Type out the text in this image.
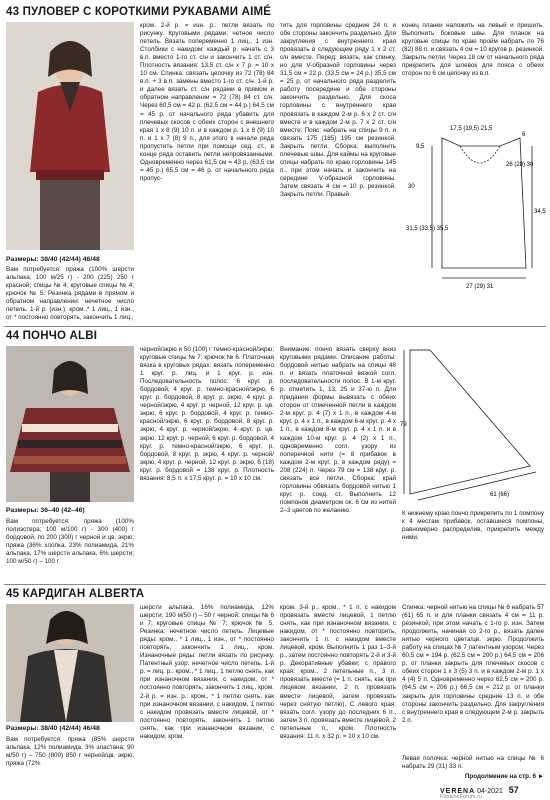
43 ПУЛОВЕР С КОРОТКИМИ РУКАВАМИ AIMÉ
Размеры: 38/40 (42/44) 46/48
Вам потребуется: пряжа (100% шерсти альпака; 100 м/25 г) - 200 (225) 250 г красной; спицы № 4; круговые спицы № 4; крючок № 5. Резинка рядами в прямом и обратном направлении: нечетное число петель. 1-й р. (изн.): кром.,* 1 лиц., 1 изн., от * постоянно повторять, закончить 1 лиц.,
кром. 2-й р. = изн. р.: петли вязать по рисунку. Круговыми рядами: четное число петель. Вязать попеременно 1 лиц., 1 изн. Столбики с накидом: каждый р. начать с 3 в.п. вместо 1-го ст. с/н и закончить 1 ст. с/н. Плотность вязания: 13,5 ст. с/н х 7 р. = 10 х 10 см. Спинка: связать цепочку из 72 (78) 84 в.п. + 3 в.п. замены вместо 1-го ст. с/н. 1-й р. и далее вязать ст. с/н рядами в прямом и обратном направлении = 72 (78) 84 ст. с/н. Через 60,5 см = 42 р. (62,5 см = 44 р.) 64,5 см = 45 р. от начального ряда убавить для плечевых скосов с обеих сторон с внешнего края 1 х 8 (9) 10 п. и в каждом р. 1 х 8 (9) 10 п. и 1 х 7 (8) 9 п., для этого в начале ряда пропустить петли при помощи сед. ст., в конце ряда оставить петли непровязанными. Одновременно через 61,5 см = 43 р. (63,5 см = 45 р.) 65,5 см = 46 р. от начального ряда пропус-
тить для горловины средние 24 п. и обе стороны закончить раздельно. Для закругления с внутреннего края провязать в следующем ряду 1 х 2 ст. с/н вместе. Перед: вязать, как спинку, но для V-образной горловины через 31,5 см = 22 р. (33,5 см = 24 р.) 35,5 см = 25 р. от начального ряда разделить работу посередине и обе стороны закончить раздельно. Для скоса горловины с внутреннего края провязать в каждом 2-м р. 6 х 2 ст. с/н вместе и в каждом 2-м р. 7 х 2 ст. с/н вместе. Пояс: набрать на спицы 9 п. и связать 175 (185) 195 см резинкой. Закрыть петли. Сборка: выполнить плечевые швы. Для каймы на круговые спицы набрать по краю горловины 145 п., при этом начать и закончить на середине V-образной горловины. Затем связать 4 см = 10 р. резинкой. Закрыть петли. Правый
конец планки наложить на левый и пришить. Выполнить боковые швы. Для планок на круговые спицы по краю пройм набрать по 76 (82) 88 п. и связать 4 см = 10 кругов р. резинкой. Закрыть петли. Через 18 см от начального ряда прикрепить для шлевок для пояса с обеих сторон по 6 см цепочку из в.п.
17,5 (19,5) 21,5
9,5
30
34,5
31,5 (33,5) 35,5
26 (28) 30
6
27 (29) 31
44 ПОНЧО ALBI
Размеры: 36–40 (42–46)
Вам потребуется: пряжа (100% полиэстера; 100 м/100 г) - 300 (400) г бордовой, по 200 (300) г черной и цв. экрю; пряжа (36% хлопка, 23% полиамида, 21% альпака, 17% шерсти альпака, 6% шерсти; 100 м/50 г) – 100 г
черной/экрю и 50 (100) г темно-красной/экрю; круговые спицы № 7; крючок № 6. Платочная вязка в круговых рядах: вязать попеременно 1 круг. р. лиц. и 1 круг. р. изн. Последовательность полос: 6 круг. р. бордовой, 4 круг. р. темно-красной/экрю, 6 круг. р. бордовой, 8 круг. р. экрю, 4 круг. р. черной/экрю, 4 круг. р. черной, 12 круг. р. цв. экрю, 6 круг. р. бордовой, 4 круг. р. темно-красной/экрю, 6 круг. р. бордовой, 8 круг. р. экрю, 4 круг. р. черной/экрю, 4 круг. р. цв. экрю, 12 круг. р. черной, 6 круг. р. бордовой, 4 круг. р. темно-красной/экрю, 6 круг. р. бордовой, 8 круг. р. экрю, 4 круг. р. черной/экрю, 4 круг. р. черной, 12 круг. р. экрю, 6 (18) круг. р. бордовой = 138 круг. р. Плотность вязания: 8,5 п. х 17,5 круг. р. = 10 х 10 см.
Внимание: пончо вязать сверху вниз круговыми рядами. Описание работы: бордовой нитью набрать на спицы 48 п. и вязать платочной вязкой согл. последовательности полос. В 1-м круг. р. отметить 1, 13, 25 и 37-ю п. Для придания формы вывязать с обеих сторон от отмеченной петли в каждом 2-м круг. р. 4 (7) х 1 п., в каждом 4-м круг. р. 4 х 1 п., в каждом 6-м круг. р. 4 х 1 п., в каждом 8-м круг. р. 4 х 1 п. и в каждом 10-м круг. р. 4 (2) х 1 п., одновременно согл. узору из поперечной нити (= 8 прибавок в каждом 2-м круг. р. в каждом ряду) = 208 (224) п. Через 79 см = 138 круг. р. связать все петли. Сборка: край горловины обвязать бордовой нитью 1 круг. р. соед. ст. Выполнить 12 помпонов диаметром ок. 6 см из нитей 2–3 цветов по желанию.
79
61 (66)
К нижнему краю пончо прикрепить по 1 помпону к 4 местам прибавок, оставшиеся помпоны, равномерно распределив, прикрепить между ними.
45 КАРДИГАН ALBERTA
Размеры: 38/40 (42/44) 46/48
Вам потребуется: пряжа (85% шерсти альпака, 12% полиамида, 3% эластана; 90 м/50 г) – 750 (800) 850 г черной/цв. экрю; пряжа (72%
шерсти альпака, 16% полиамида, 12% шерсти; 190 м/50 г) – 50 г черной; спицы № 6 и 7; круговые спицы № 7; крючок № 5. Резинка: нечетное число петель. Лицевые ряды: кром., * 1 лиц., 1 изн., от * постоянно повторять, закончить 1 лиц., кром. Изнаночные ряды: петли вязать по рисунку. Патентный узор: нечетное число петель. 1-й р. = лиц. р.: кром., * 1 лиц., 1 петлю снять, как при изнаночном вязании, с накидом, от * постоянно повторять, закончить 1 лиц., кром. 2-й р. = изн. р.: кром., * 1 петлю снять, как при изнаночном вязании, с накидом, 1 петлю с накидом провязать вместе лицевой, от * постоянно повторять, закончить 1 петлю снять, как при изнаночном вязании, с накидом, кром.
кром. 3-й р.: кром., * 1 п. с накидом провязать вместе лицевой, 1 петлю снять, как при изнаночном вязании, с накидом, от * постоянно повторять, закончить 1 п. с накидом вместе лицевой, кром. Выполнить 1 раз 1–3-й р., затем постоянно повторять 2-й и 3-й р. Декоративные убавки: с правого края: кром., 2 петельные п., 3 п. провязать вместе (= 1 п. снять, как при лицевом вязании, 2 п. провязать вместе лицевой, затем провязать через снятую петлю). С левого края: вязать согл. узору до последних 6 п., затем 3 п. провязать вместе лицевой, 2 петельные п., кром. Плотность вязания: 11 п. х 32 р. = 10 х 10 см.
Спинка: черной нитью на спицы № 6 набрать 57 (61) 65 п. и для планки связать 4 см = 11 р. резинкой, при этом начать с 1-го р. изн. Затем продолжить, начиная со 2-го р., вязать далее нитью черного цвета/цв. экрю. Продолжить работу на спицах № 7 патентным узором. Через 60,5 см = 194 р. (62,5 см = 200 р.) 64,5 см = 206 р. от планки закрыть для плечевых скосов с обеих сторон 1 х 3 (5) 3 п. и в каждом 2-м р. 1 х 4 (4) 5 п. Одновременно через 62,5 см = 200 р. (64,5 см = 206 р.) 66,5 см = 212 р. от планки закрыть для горловины средние 13 п. и обе стороны закончить раздельно. Для закругления с внутреннего края в следующем 2-м р. закрыть 2 п.
Левая полочка: черной нитью на спицы № 6 набрать 29 (31) 33 п.
Продолжение на стр. 6 ►
VERENA 04-2021 57
PassionForum.ru
